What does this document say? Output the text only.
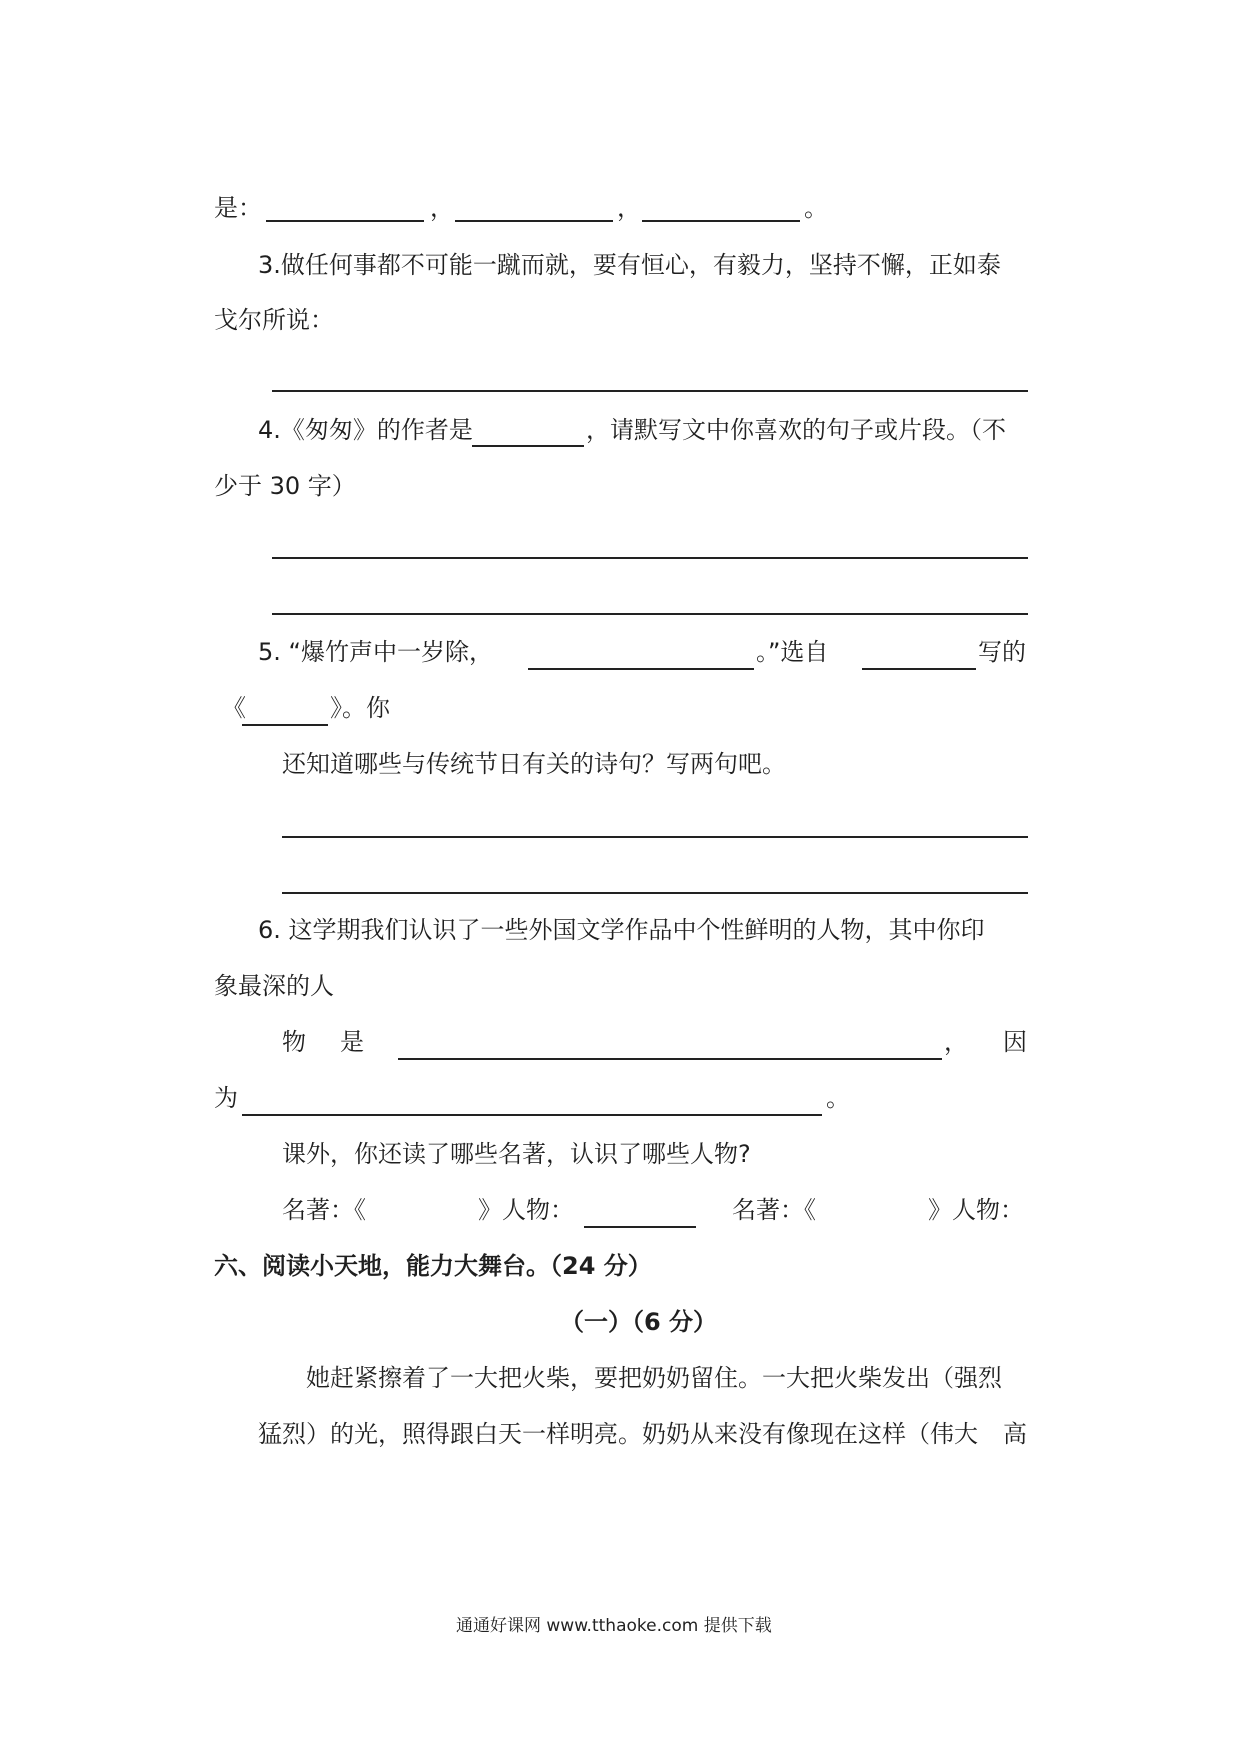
是：	，	，	。
3.做任何事都不可能一蹴而就，要有恒心，有毅力，坚持不懈，正如泰
戈尔所说：
4.《匆匆》的作者是	，请默写文中你喜欢的句子或片段。（不
少于 30 字）
5. “爆竹声中一岁除，	。”选自	写的
《	》。你
还知道哪些与传统节日有关的诗句？写两句吧。
6. 这学期我们认识了一些外国文学作品中个性鲜明的人物，其中你印
象最深的人
物 是	， 因
为	。
课外，你还读了哪些名著，认识了哪些人物?
名著：《	》人物：	名著：《	》人物：
六、阅读小天地，能力大舞台。（24 分）
（一）（6 分）
她赶紧擦着了一大把火柴，要把奶奶留住。一大把火柴发出（强烈
猛烈）的光，照得跟白天一样明亮。奶奶从来没有像现在这样（伟大 高
通通好课网 www.tthaoke.com 提供下载
